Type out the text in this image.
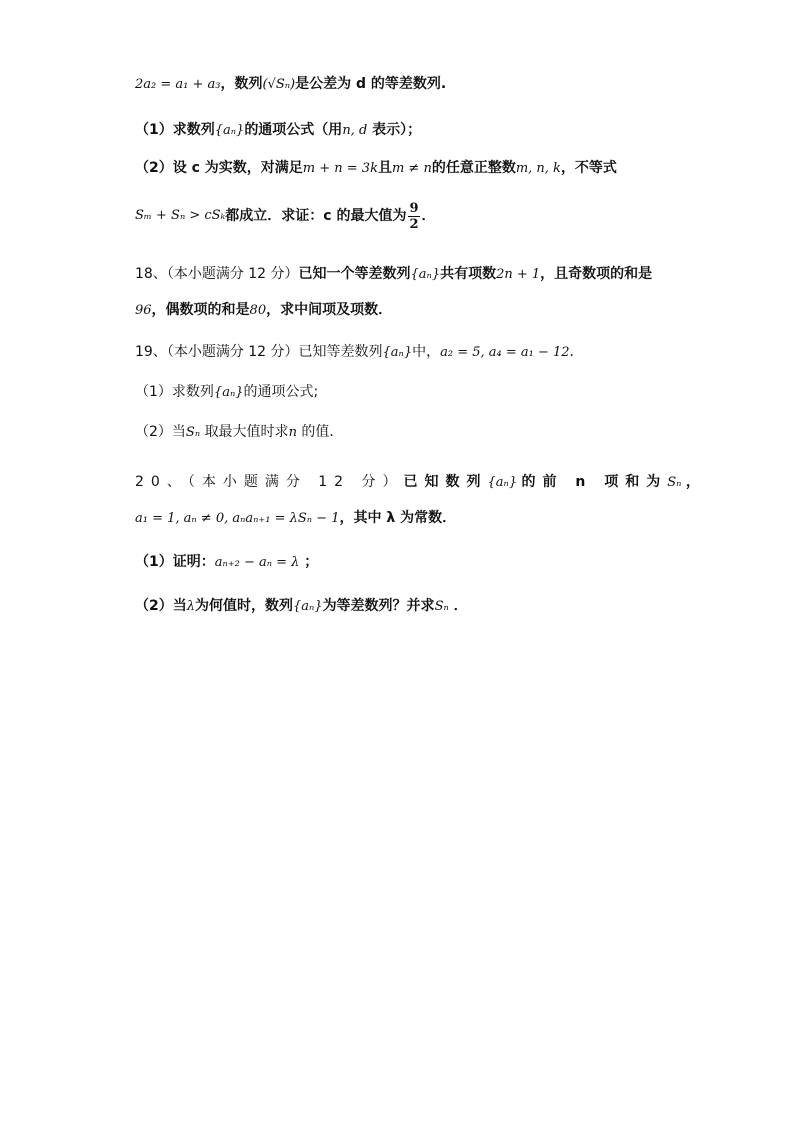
2a₂ = a₁ + a₃，数列(√Sₙ)是公差为 d 的等差数列.
（1）求数列{aₙ}的通项公式（用n, d 表示）；
（2）设 c 为实数，对满足m + n = 3k且m ≠ n的任意正整数m, n, k，不等式
Sₘ + Sₙ > cSₖ 都成立．求证：c 的最大值为 $\frac{9}{2}$ ．
18、（本小题满分 12 分）已知一个等差数列{aₙ}共有项数2n + 1，且奇数项的和是
96，偶数项的和是80，求中间项及项数．
19、（本小题满分 12 分）已知等差数列{aₙ}中，a₂ = 5, a₄ = a₁ − 12．
（1）求数列{aₙ}的通项公式;
（2）当Sₙ 取最大值时求n 的值．
20、（本小题满分 12 分）已知数列{aₙ} 的前 n 项和为Sₙ ，
a₁ = 1, aₙ ≠ 0, aₙaₙ₊₁ = λSₙ − 1，其中 λ 为常数．
（1）证明：aₙ₊₂ − aₙ = λ ；
（2）当λ为何值时，数列{aₙ}为等差数列？并求Sₙ ．
